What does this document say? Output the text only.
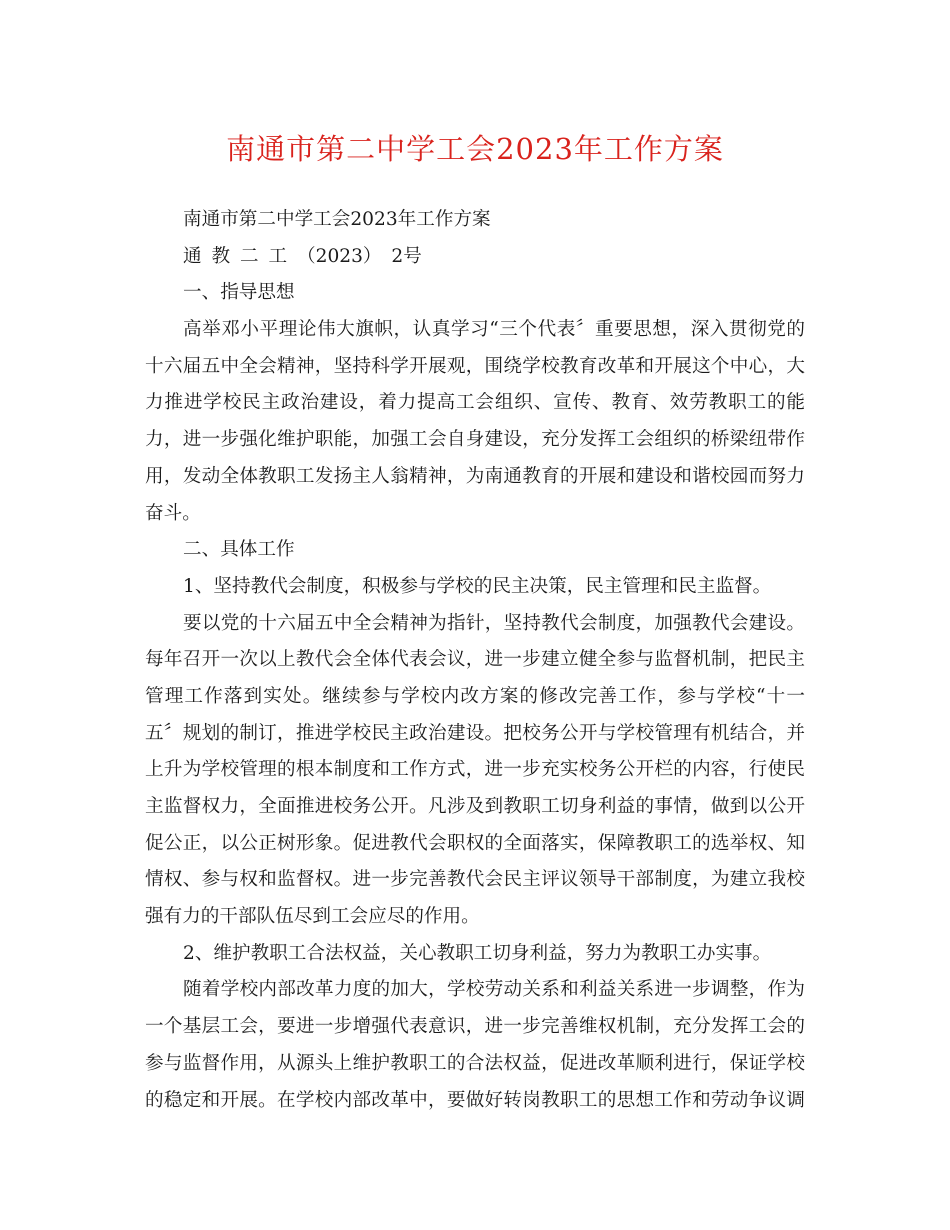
南通市第二中学工会2023年工作方案
南通市第二中学工会2023年工作方案
通 教 二 工 （2023） 2号
一、指导思想
高举邓小平理论伟大旗帜，认真学习“三个代表〞重要思想，深入贯彻党的
十六届五中全会精神，坚持科学开展观，围绕学校教育改革和开展这个中心，大
力推进学校民主政治建设，着力提高工会组织、宣传、教育、效劳教职工的能
力，进一步强化维护职能，加强工会自身建设，充分发挥工会组织的桥梁纽带作
用，发动全体教职工发扬主人翁精神，为南通教育的开展和建设和谐校园而努力
奋斗。
二、具体工作
1、坚持教代会制度，积极参与学校的民主决策，民主管理和民主监督。
要以党的十六届五中全会精神为指针，坚持教代会制度，加强教代会建设。
每年召开一次以上教代会全体代表会议，进一步建立健全参与监督机制，把民主
管理工作落到实处。继续参与学校内改方案的修改完善工作，参与学校“十一
五〞规划的制订，推进学校民主政治建设。把校务公开与学校管理有机结合，并
上升为学校管理的根本制度和工作方式，进一步充实校务公开栏的内容，行使民
主监督权力，全面推进校务公开。凡涉及到教职工切身利益的事情，做到以公开
促公正，以公正树形象。促进教代会职权的全面落实，保障教职工的选举权、知
情权、参与权和监督权。进一步完善教代会民主评议领导干部制度，为建立我校
强有力的干部队伍尽到工会应尽的作用。
2、维护教职工合法权益，关心教职工切身利益，努力为教职工办实事。
随着学校内部改革力度的加大，学校劳动关系和利益关系进一步调整，作为
一个基层工会，要进一步增强代表意识，进一步完善维权机制，充分发挥工会的
参与监督作用，从源头上维护教职工的合法权益，促进改革顺利进行，保证学校
的稳定和开展。在学校内部改革中，要做好转岗教职工的思想工作和劳动争议调
